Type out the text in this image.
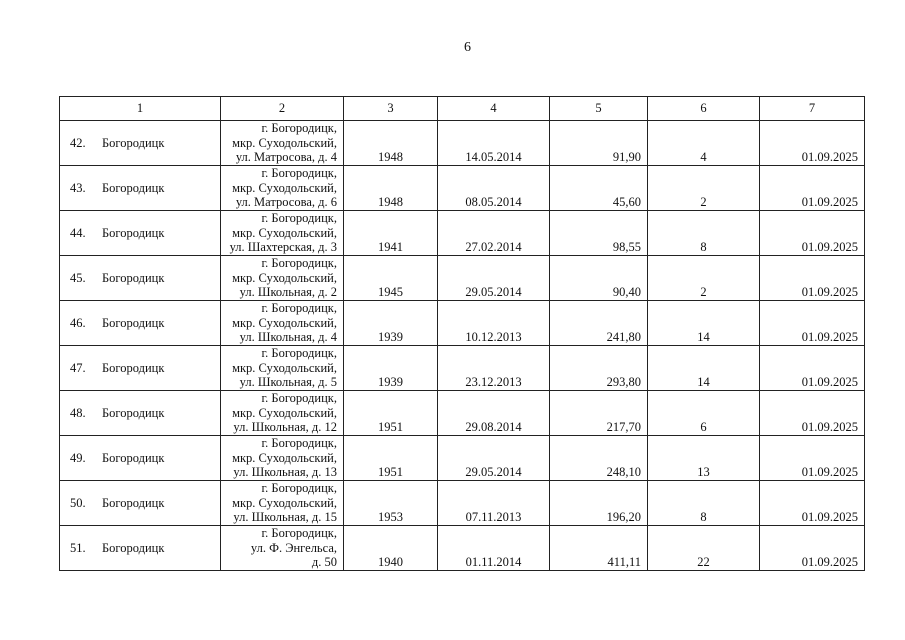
6
1	2	3	4	5	6	7
42. Богородицк	г. Богородицк,
мкр. Суходольский,
ул. Матросова, д. 4	1948	14.05.2014	91,90	4	01.09.2025
43. Богородицк	г. Богородицк,
мкр. Суходольский,
ул. Матросова, д. 6	1948	08.05.2014	45,60	2	01.09.2025
44. Богородицк	г. Богородицк,
мкр. Суходольский,
ул. Шахтерская, д. 3	1941	27.02.2014	98,55	8	01.09.2025
45. Богородицк	г. Богородицк,
мкр. Суходольский,
ул. Школьная, д. 2	1945	29.05.2014	90,40	2	01.09.2025
46. Богородицк	г. Богородицк,
мкр. Суходольский,
ул. Школьная, д. 4	1939	10.12.2013	241,80	14	01.09.2025
47. Богородицк	г. Богородицк,
мкр. Суходольский,
ул. Школьная, д. 5	1939	23.12.2013	293,80	14	01.09.2025
48. Богородицк	г. Богородицк,
мкр. Суходольский,
ул. Школьная, д. 12	1951	29.08.2014	217,70	6	01.09.2025
49. Богородицк	г. Богородицк,
мкр. Суходольский,
ул. Школьная, д. 13	1951	29.05.2014	248,10	13	01.09.2025
50. Богородицк	г. Богородицк,
мкр. Суходольский,
ул. Школьная, д. 15	1953	07.11.2013	196,20	8	01.09.2025
51. Богородицк	г. Богородицк,
ул. Ф. Энгельса,
д. 50	1940	01.11.2014	411,11	22	01.09.2025
